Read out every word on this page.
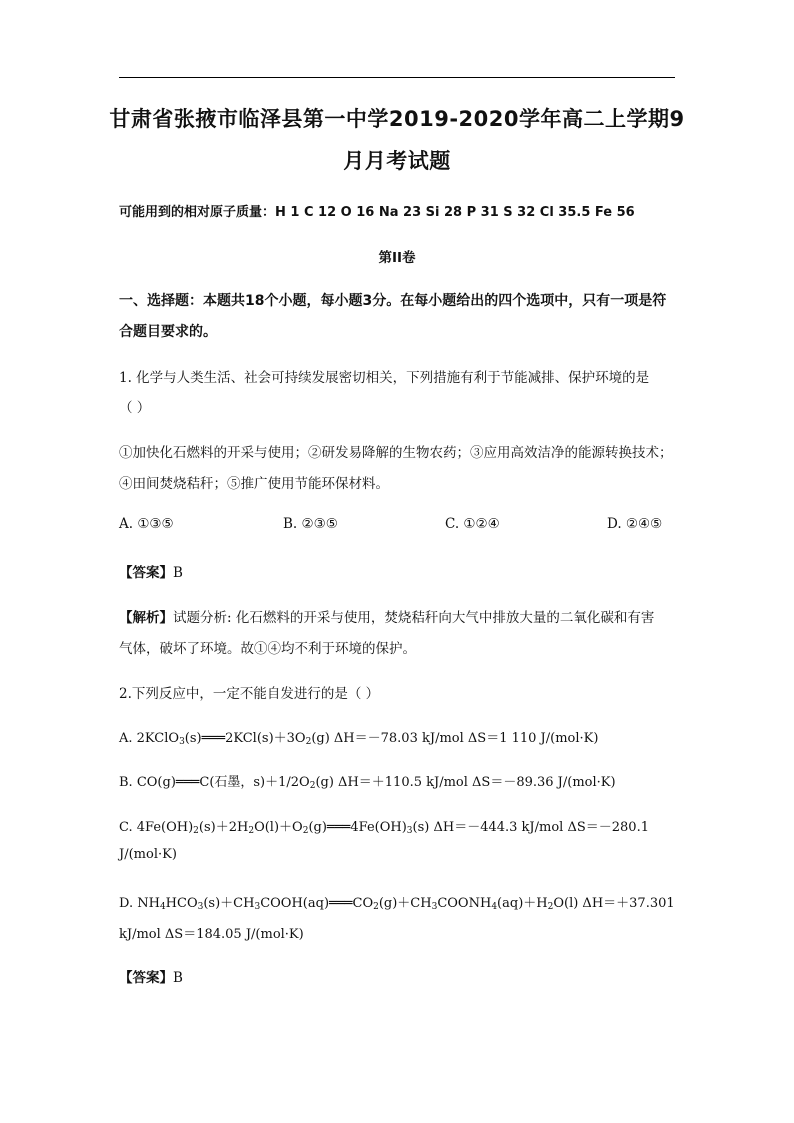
甘肃省张掖市临泽县第一中学2019-2020学年高二上学期9
月月考试题
可能用到的相对原子质量：H 1 C 12 O 16 Na 23 Si 28 P 31 S 32 Cl 35.5 Fe 56
第II卷
一、选择题：本题共18个小题，每小题3分。在每小题给出的四个选项中，只有一项是符
合题目要求的。
1. 化学与人类生活、社会可持续发展密切相关，下列措施有利于节能减排、保护环境的是
（ ）
①加快化石燃料的开采与使用；②研发易降解的生物农药；③应用高效洁净的能源转换技术；
④田间焚烧秸秆；⑤推广使用节能环保材料。
A. ①③⑤	B. ②③⑤	C. ①②④	D. ②④⑤
【答案】B
【解析】试题分析: 化石燃料的开采与使用，焚烧秸秆向大气中排放大量的二氧化碳和有害
气体，破坏了环境。故①④均不利于环境的保护。
2.下列反应中，一定不能自发进行的是（ ）
A. $2KClO_3(s)═══2KCl(s)+3O_2(g)$ ΔH＝－78.03 kJ/mol ΔS＝1 110 J/(mol·K)
B. CO(g)═══C(石墨，$s)+1/2O_2(g)$ ΔH＝＋110.5 kJ/mol ΔS＝－89.36 J/(mol·K)
C. $4Fe(OH)_2(s)+2H_2O(l)+O_2(g)═══4Fe(OH)_3(s)$ ΔH＝－444.3 kJ/mol ΔS＝－280.1
J/(mol·K)
D. $NH_4HCO_3(s)+CH_3COOH(aq)═══CO_2(g)+CH_3COONH_4(aq)+H_2O(l)$ ΔH＝＋37.301
kJ/mol ΔS＝184.05 J/(mol·K)
【答案】B
